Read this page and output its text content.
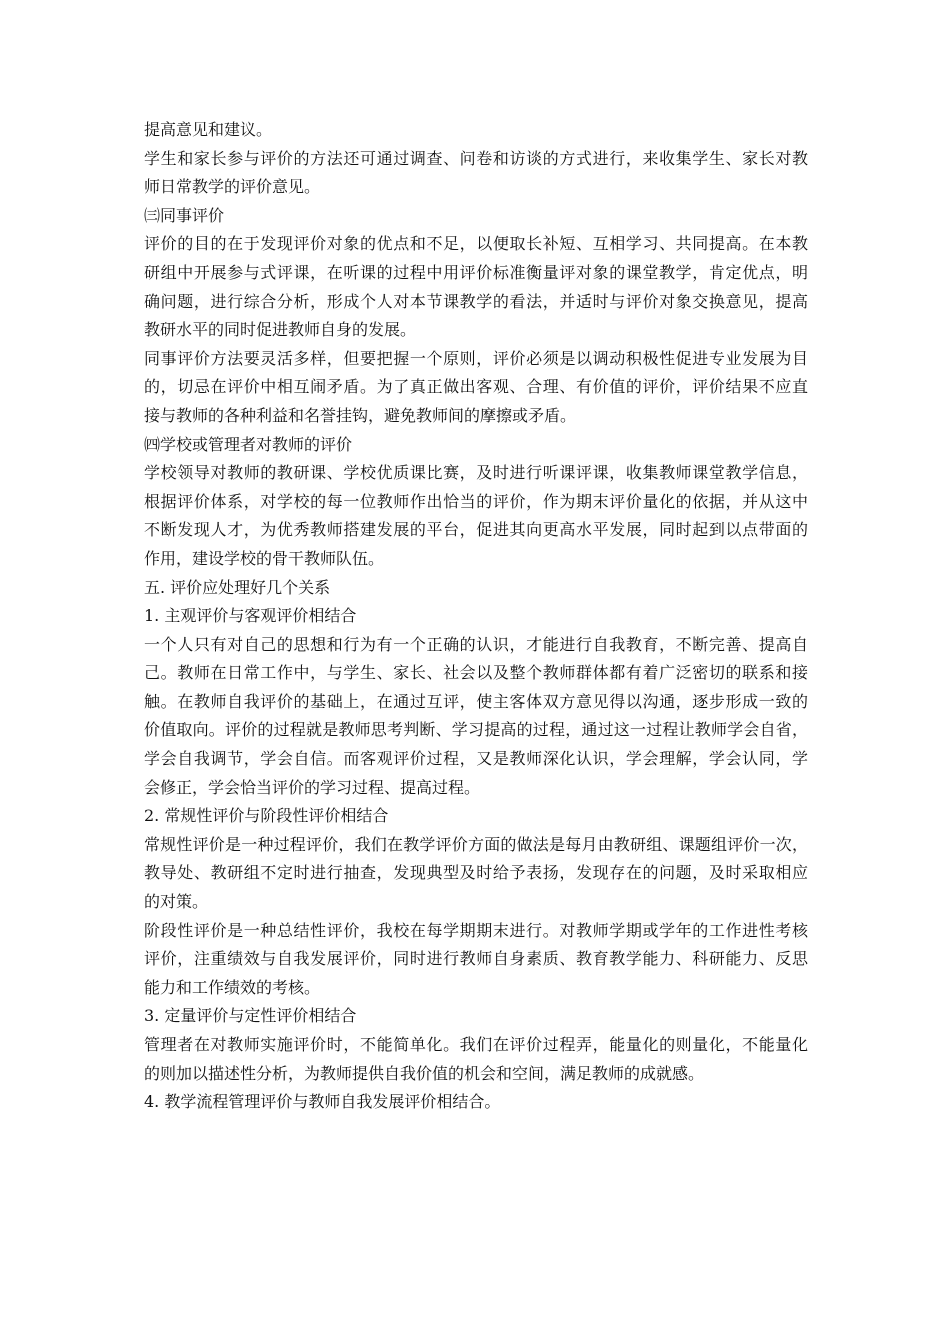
提高意见和建议。
学生和家长参与评价的方法还可通过调查、问卷和访谈的方式进行，来收集学生、家长对教
师日常教学的评价意见。
㈢同事评价
评价的目的在于发现评价对象的优点和不足，以便取长补短、互相学习、共同提高。在本教
研组中开展参与式评课，在听课的过程中用评价标准衡量评对象的课堂教学，肯定优点，明
确问题，进行综合分析，形成个人对本节课教学的看法，并适时与评价对象交换意见，提高
教研水平的同时促进教师自身的发展。
同事评价方法要灵活多样，但要把握一个原则，评价必须是以调动积极性促进专业发展为目
的，切忌在评价中相互闹矛盾。为了真正做出客观、合理、有价值的评价，评价结果不应直
接与教师的各种利益和名誉挂钩，避免教师间的摩擦或矛盾。
㈣学校或管理者对教师的评价
学校领导对教师的教研课、学校优质课比赛，及时进行听课评课，收集教师课堂教学信息，
根据评价体系，对学校的每一位教师作出恰当的评价，作为期末评价量化的依据，并从这中
不断发现人才，为优秀教师搭建发展的平台，促进其向更高水平发展，同时起到以点带面的
作用，建设学校的骨干教师队伍。
五. 评价应处理好几个关系
1. 主观评价与客观评价相结合
一个人只有对自己的思想和行为有一个正确的认识，才能进行自我教育，不断完善、提高自
己。教师在日常工作中，与学生、家长、社会以及整个教师群体都有着广泛密切的联系和接
触。在教师自我评价的基础上，在通过互评，使主客体双方意见得以沟通，逐步形成一致的
价值取向。评价的过程就是教师思考判断、学习提高的过程，通过这一过程让教师学会自省，
学会自我调节，学会自信。而客观评价过程，又是教师深化认识，学会理解，学会认同，学
会修正，学会恰当评价的学习过程、提高过程。
2. 常规性评价与阶段性评价相结合
常规性评价是一种过程评价，我们在教学评价方面的做法是每月由教研组、课题组评价一次，
教导处、教研组不定时进行抽查，发现典型及时给予表扬，发现存在的问题，及时采取相应
的对策。
阶段性评价是一种总结性评价，我校在每学期期末进行。对教师学期或学年的工作进性考核
评价，注重绩效与自我发展评价，同时进行教师自身素质、教育教学能力、科研能力、反思
能力和工作绩效的考核。
3. 定量评价与定性评价相结合
管理者在对教师实施评价时，不能简单化。我们在评价过程弄，能量化的则量化，不能量化
的则加以描述性分析，为教师提供自我价值的机会和空间，满足教师的成就感。
4. 教学流程管理评价与教师自我发展评价相结合。
